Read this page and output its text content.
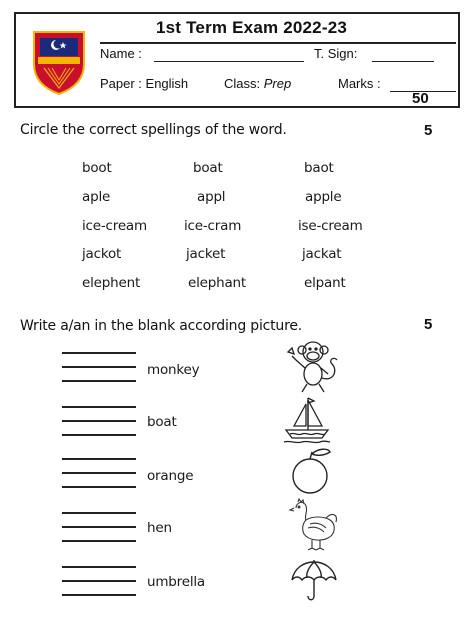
1st Term Exam 2022-23
Name :	T. Sign:
Paper : English	Class: Prep	Marks :
50
Circle the correct spellings of the word.	5
boot	boat	baot
aple	appl	apple
ice-cream	ice-cram	ise-cream
jackot	jacket	jackat
elephent	elephant	elpant
Write a/an in the blank according picture.	5
monkey
boat
orange
hen
umbrella
